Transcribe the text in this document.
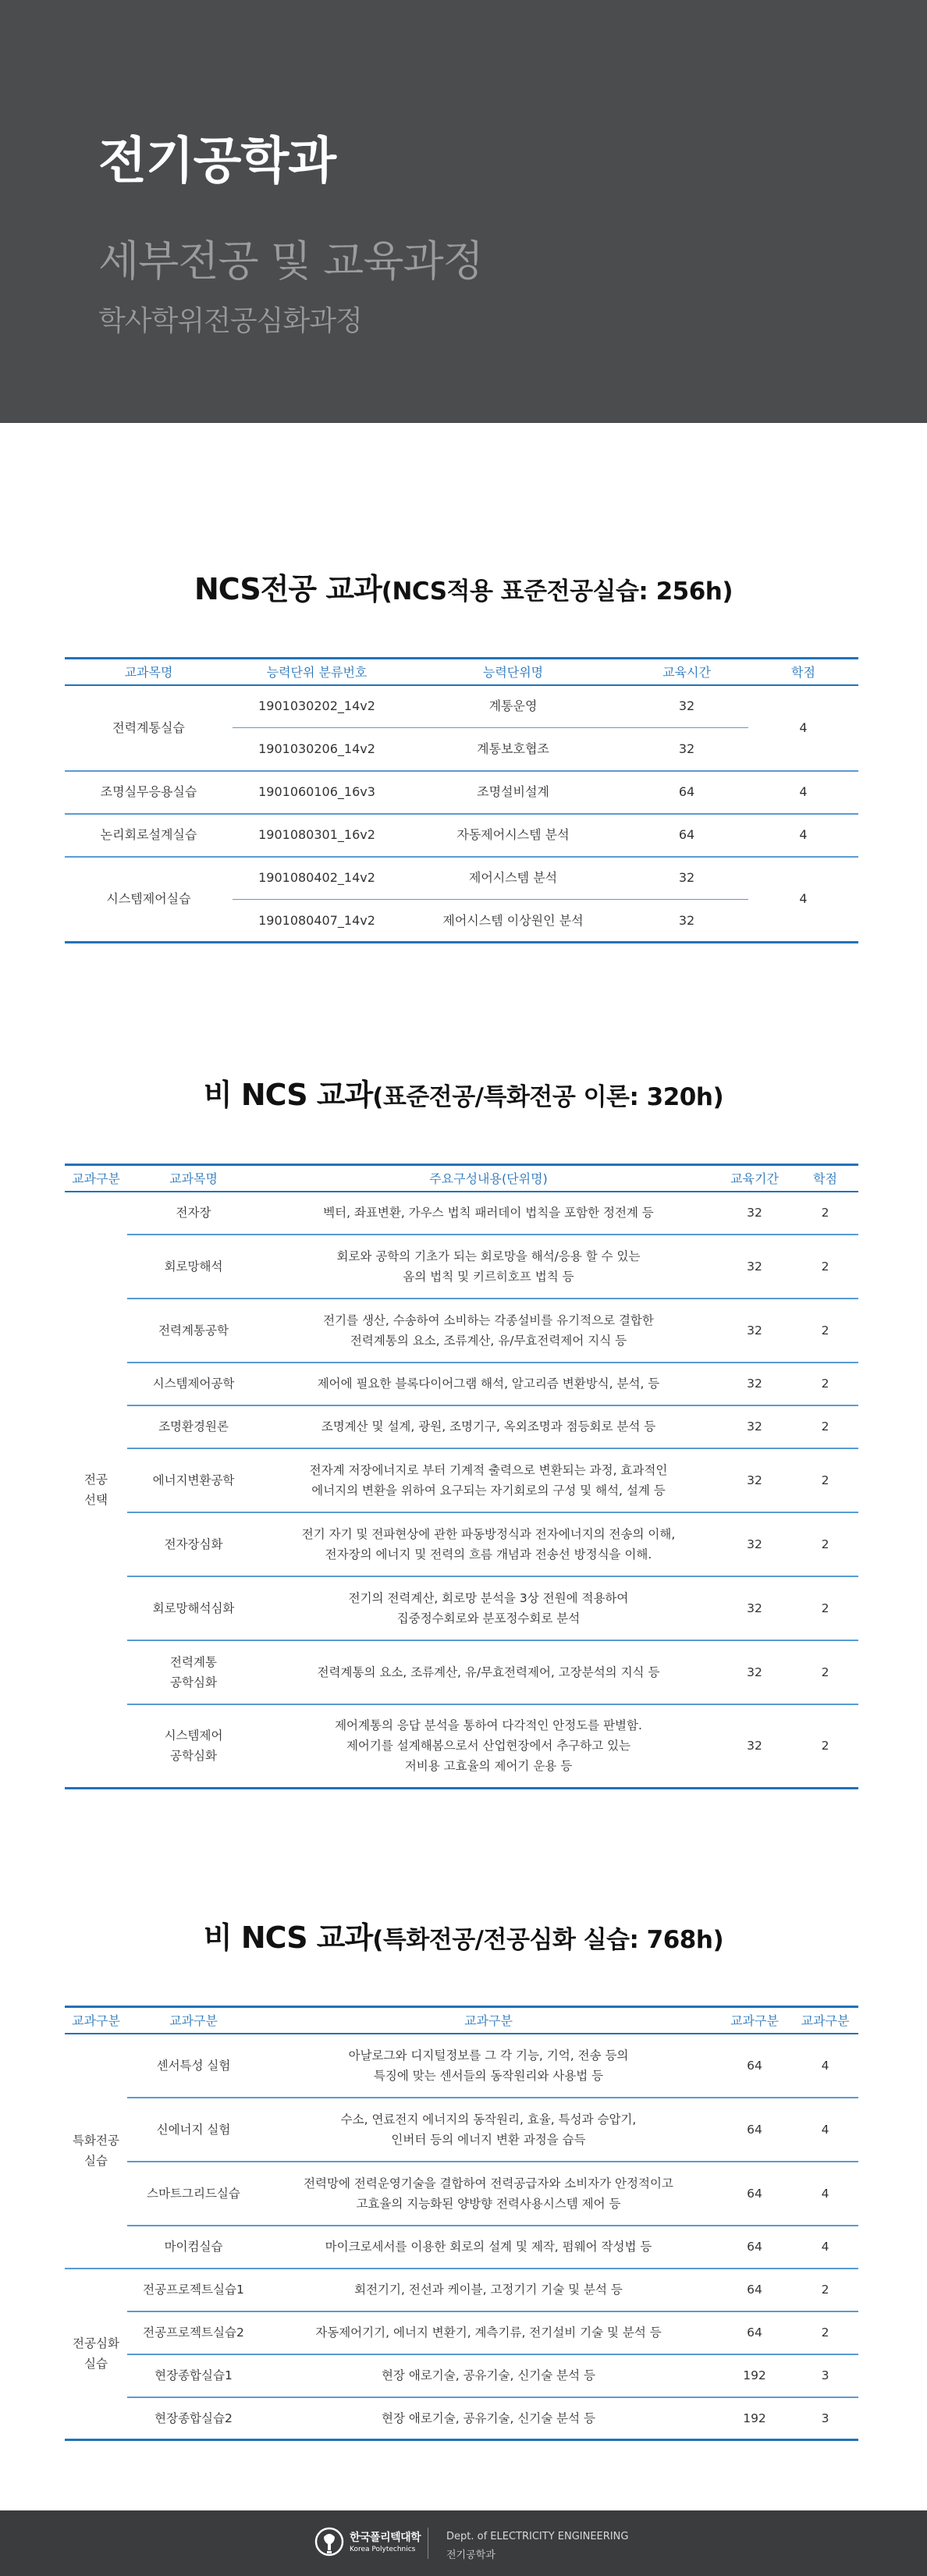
전기공학과
세부전공 및 교육과정
학사학위전공심화과정
NCS전공 교과(NCS적용 표준전공실습: 256h)
교과목명	능력단위 분류번호	능력단위명	교육시간	학점
전력계통실습	1901030202_14v2	계통운영	32	4
	1901030206_14v2	계통보호협조	32	
조명실무응용실습	1901060106_16v3	조명설비설계	64	4
논리회로설계실습	1901080301_16v2	자동제어시스템 분석	64	4
시스템제어실습	1901080402_14v2	제어시스템 분석	32	4
	1901080407_14v2	제어시스템 이상원인 분석	32	
비 NCS 교과(표준전공/특화전공 이론: 320h)
교과구분	교과목명	주요구성내용(단위명)	교육기간	학점
전공
선택	전자장	벡터, 좌표변환, 가우스 법칙 패러데이 법칙을 포함한 정전계 등	32	2
	회로망해석	회로와 공학의 기초가 되는 회로망을 해석/응용 할 수 있는
옴의 법칙 및 키르히호프 법칙 등	32	2
	전력계통공학	전기를 생산, 수송하여 소비하는 각종설비를 유기적으로 결합한
전력계통의 요소, 조류계산, 유/무효전력제어 지식 등	32	2
	시스템제어공학	제어에 필요한 블록다이어그램 해석, 알고리즘 변환방식, 분석, 등	32	2
	조명환경원론	조명계산 및 설계, 광원, 조명기구, 옥외조명과 점등회로 분석 등	32	2
	에너지변환공학	전자계 저장에너지로 부터 기계적 출력으로 변환되는 과정, 효과적인
에너지의 변환을 위하여 요구되는 자기회로의 구성 및 해석, 설계 등	32	2
	전자장심화	전기 자기 및 전파현상에 관한 파동방정식과 전자에너지의 전송의 이해,
전자장의 에너지 및 전력의 흐름 개념과 전송선 방정식을 이해.	32	2
	회로망해석심화	전기의 전력계산, 회로망 분석을 3상 전원에 적용하여
집중정수회로와 분포정수회로 분석	32	2
	전력계통
공학심화	전력계통의 요소, 조류계산, 유/무효전력제어, 고장분석의 지식 등	32	2
	시스템제어
공학심화	제어계통의 응답 분석을 통하여 다각적인 안정도를 판별함.
제어기를 설계해봄으로서 산업현장에서 추구하고 있는
저비용 고효율의 제어기 운용 등	32	2
비 NCS 교과(특화전공/전공심화 실습: 768h)
교과구분	교과구분	교과구분	교과구분	교과구분
특화전공
실습	센서특성 실험	아날로그와 디지털정보를 그 각 기능, 기억, 전송 등의
특징에 맞는 센서들의 동작원리와 사용법 등	64	4
	신에너지 실험	수소, 연료전지 에너지의 동작원리, 효율, 특성과 승압기,
인버터 등의 에너지 변환 과정을 습득	64	4
	스마트그리드실습	전력망에 전력운영기술을 결합하여 전력공급자와 소비자가 안정적이고
고효율의 지능화된 양방향 전력사용시스템 제어 등	64	4
	마이컴실습	마이크로세서를 이용한 회로의 설계 및 제작, 펌웨어 작성법 등	64	4
전공심화
실습	전공프로젝트실습1	회전기기, 전선과 케이블, 고정기기 기술 및 분석 등	64	2
	전공프로젝트실습2	자동제어기기, 에너지 변환기, 계측기류, 전기설비 기술 및 분석 등	64	2
	현장종합실습1	현장 애로기술, 공유기술, 신기술 분석 등	192	3
	현장종합실습2	현장 애로기술, 공유기술, 신기술 분석 등	192	3
한국폴리텍대학
Korea Polytechnics
Dept. of ELECTRICITY ENGINEERING
전기공학과
